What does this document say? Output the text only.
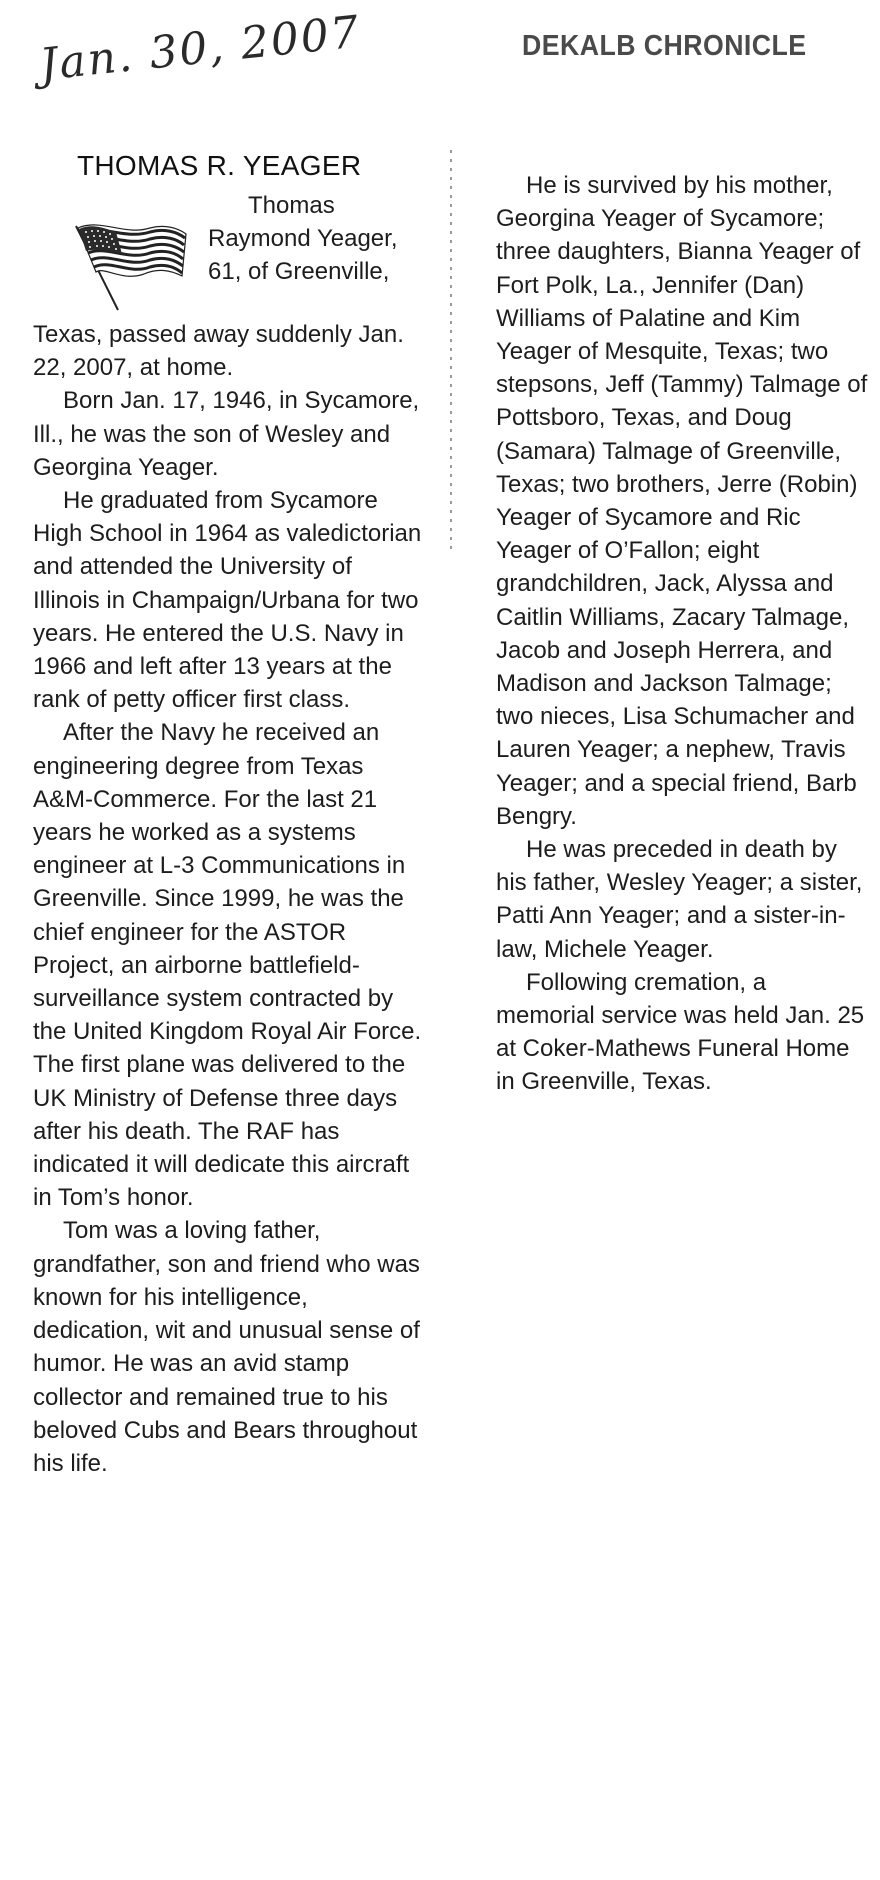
DEKALB CHRONICLE
Jan. 30, 2007
THOMAS R. YEAGER

Thomas Raymond Yeager, 61, of Greenville,

Texas, passed away suddenly Jan. 22, 2007, at home.

Born Jan. 17, 1946, in Sycamore, Ill., he was the son of Wesley and Georgina Yeager.

He graduated from Sycamore High School in 1964 as valedictorian and attended the University of Illinois in Champaign/Urbana for two years. He entered the U.S. Navy in 1966 and left after 13 years at the rank of petty officer first class.

After the Navy he received an engineering degree from Texas A&M-Commerce. For the last 21 years he worked as a systems engineer at L-3 Communications in Greenville. Since 1999, he was the chief engineer for the ASTOR Project, an airborne battlefield-surveillance system contracted by the United Kingdom Royal Air Force. The first plane was delivered to the UK Ministry of Defense three days after his death. The RAF has indicated it will dedicate this aircraft in Tom’s honor.

Tom was a loving father, grandfather, son and friend who was known for his intelligence, dedication, wit and unusual sense of humor. He was an avid stamp collector and remained true to his beloved Cubs and Bears throughout his life.

He is survived by his mother, Georgina Yeager of Sycamore; three daughters, Bianna Yeager of Fort Polk, La., Jennifer (Dan) Williams of Palatine and Kim Yeager of Mesquite, Texas; two stepsons, Jeff (Tammy) Talmage of Pottsboro, Texas, and Doug (Samara) Talmage of Greenville, Texas; two brothers, Jerre (Robin) Yeager of Sycamore and Ric Yeager of O’Fallon; eight grandchildren, Jack, Alyssa and Caitlin Williams, Zacary Talmage, Jacob and Joseph Herrera, and Madison and Jackson Talmage; two nieces, Lisa Schumacher and Lauren Yeager; a nephew, Travis Yeager; and a special friend, Barb Bengry.

He was preceded in death by his father, Wesley Yeager; a sister, Patti Ann Yeager; and a sister-in-law, Michele Yeager.

Following cremation, a memorial service was held Jan. 25 at Coker-Mathews Funeral Home in Greenville, Texas.
